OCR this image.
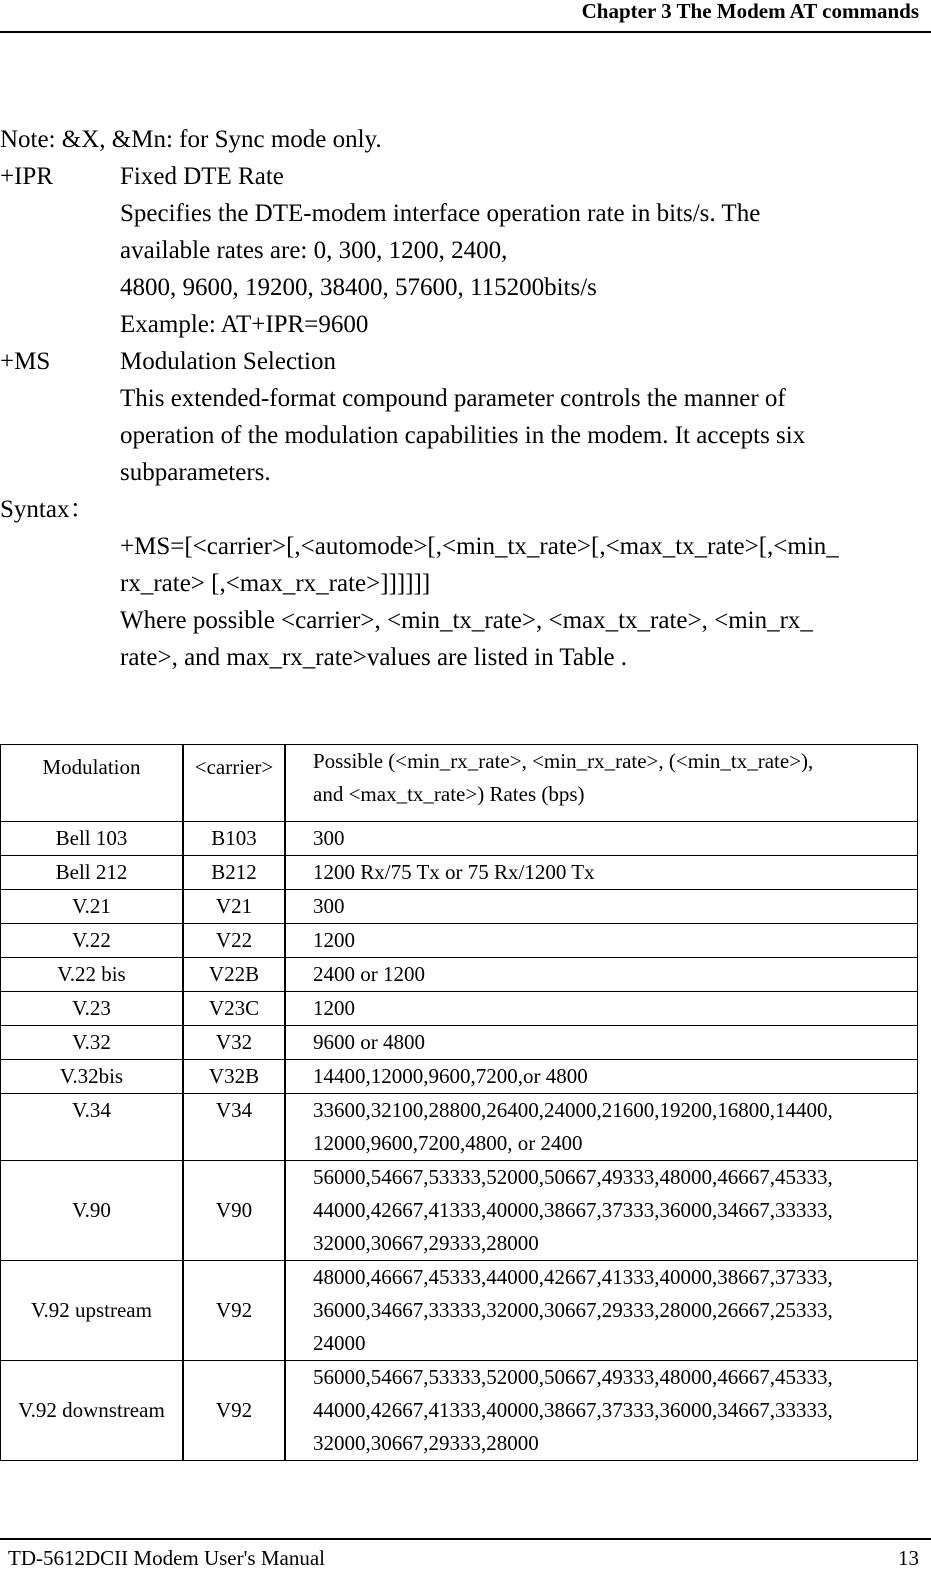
Chapter 3 The Modem AT commands
Note: &X, &Mn: for Sync mode only.
+IPR	Fixed DTE Rate
Specifies the DTE-modem interface operation rate in bits/s. The
available rates are: 0, 300, 1200, 2400,
4800, 9600, 19200, 38400, 57600, 115200bits/s
Example: AT+IPR=9600
+MS	Modulation Selection
This extended-format compound parameter controls the manner of
operation of the modulation capabilities in the modem. It accepts six
subparameters.
Syntax：
+MS=[<carrier>[,<automode>[,<min_tx_rate>[,<max_tx_rate>[,<min_
rx_rate> [,<max_rx_rate>]]]]]]
Where possible <carrier>, <min_tx_rate>, <max_tx_rate>, <min_rx_
rate>, and max_rx_rate>values are listed in Table .
Modulation	<carrier>	Possible (<min_rx_rate>, <min_rx_rate>, (<min_tx_rate>),
and <max_tx_rate>) Rates (bps)
Bell 103	B103	300
Bell 212	B212	1200 Rx/75 Tx or 75 Rx/1200 Tx
V.21	V21	300
V.22	V22	1200
V.22 bis	V22B	2400 or 1200
V.23	V23C	1200
V.32	V32	9600 or 4800
V.32bis	V32B	14400,12000,9600,7200,or 4800
V.34	V34	33600,32100,28800,26400,24000,21600,19200,16800,14400,
12000,9600,7200,4800, or 2400
V.90	V90	56000,54667,53333,52000,50667,49333,48000,46667,45333,
44000,42667,41333,40000,38667,37333,36000,34667,33333,
32000,30667,29333,28000
V.92 upstream	V92	48000,46667,45333,44000,42667,41333,40000,38667,37333,
36000,34667,33333,32000,30667,29333,28000,26667,25333,
24000
V.92 downstream	V92	56000,54667,53333,52000,50667,49333,48000,46667,45333,
44000,42667,41333,40000,38667,37333,36000,34667,33333,
32000,30667,29333,28000
TD-5612DCII Modem User's Manual	13
